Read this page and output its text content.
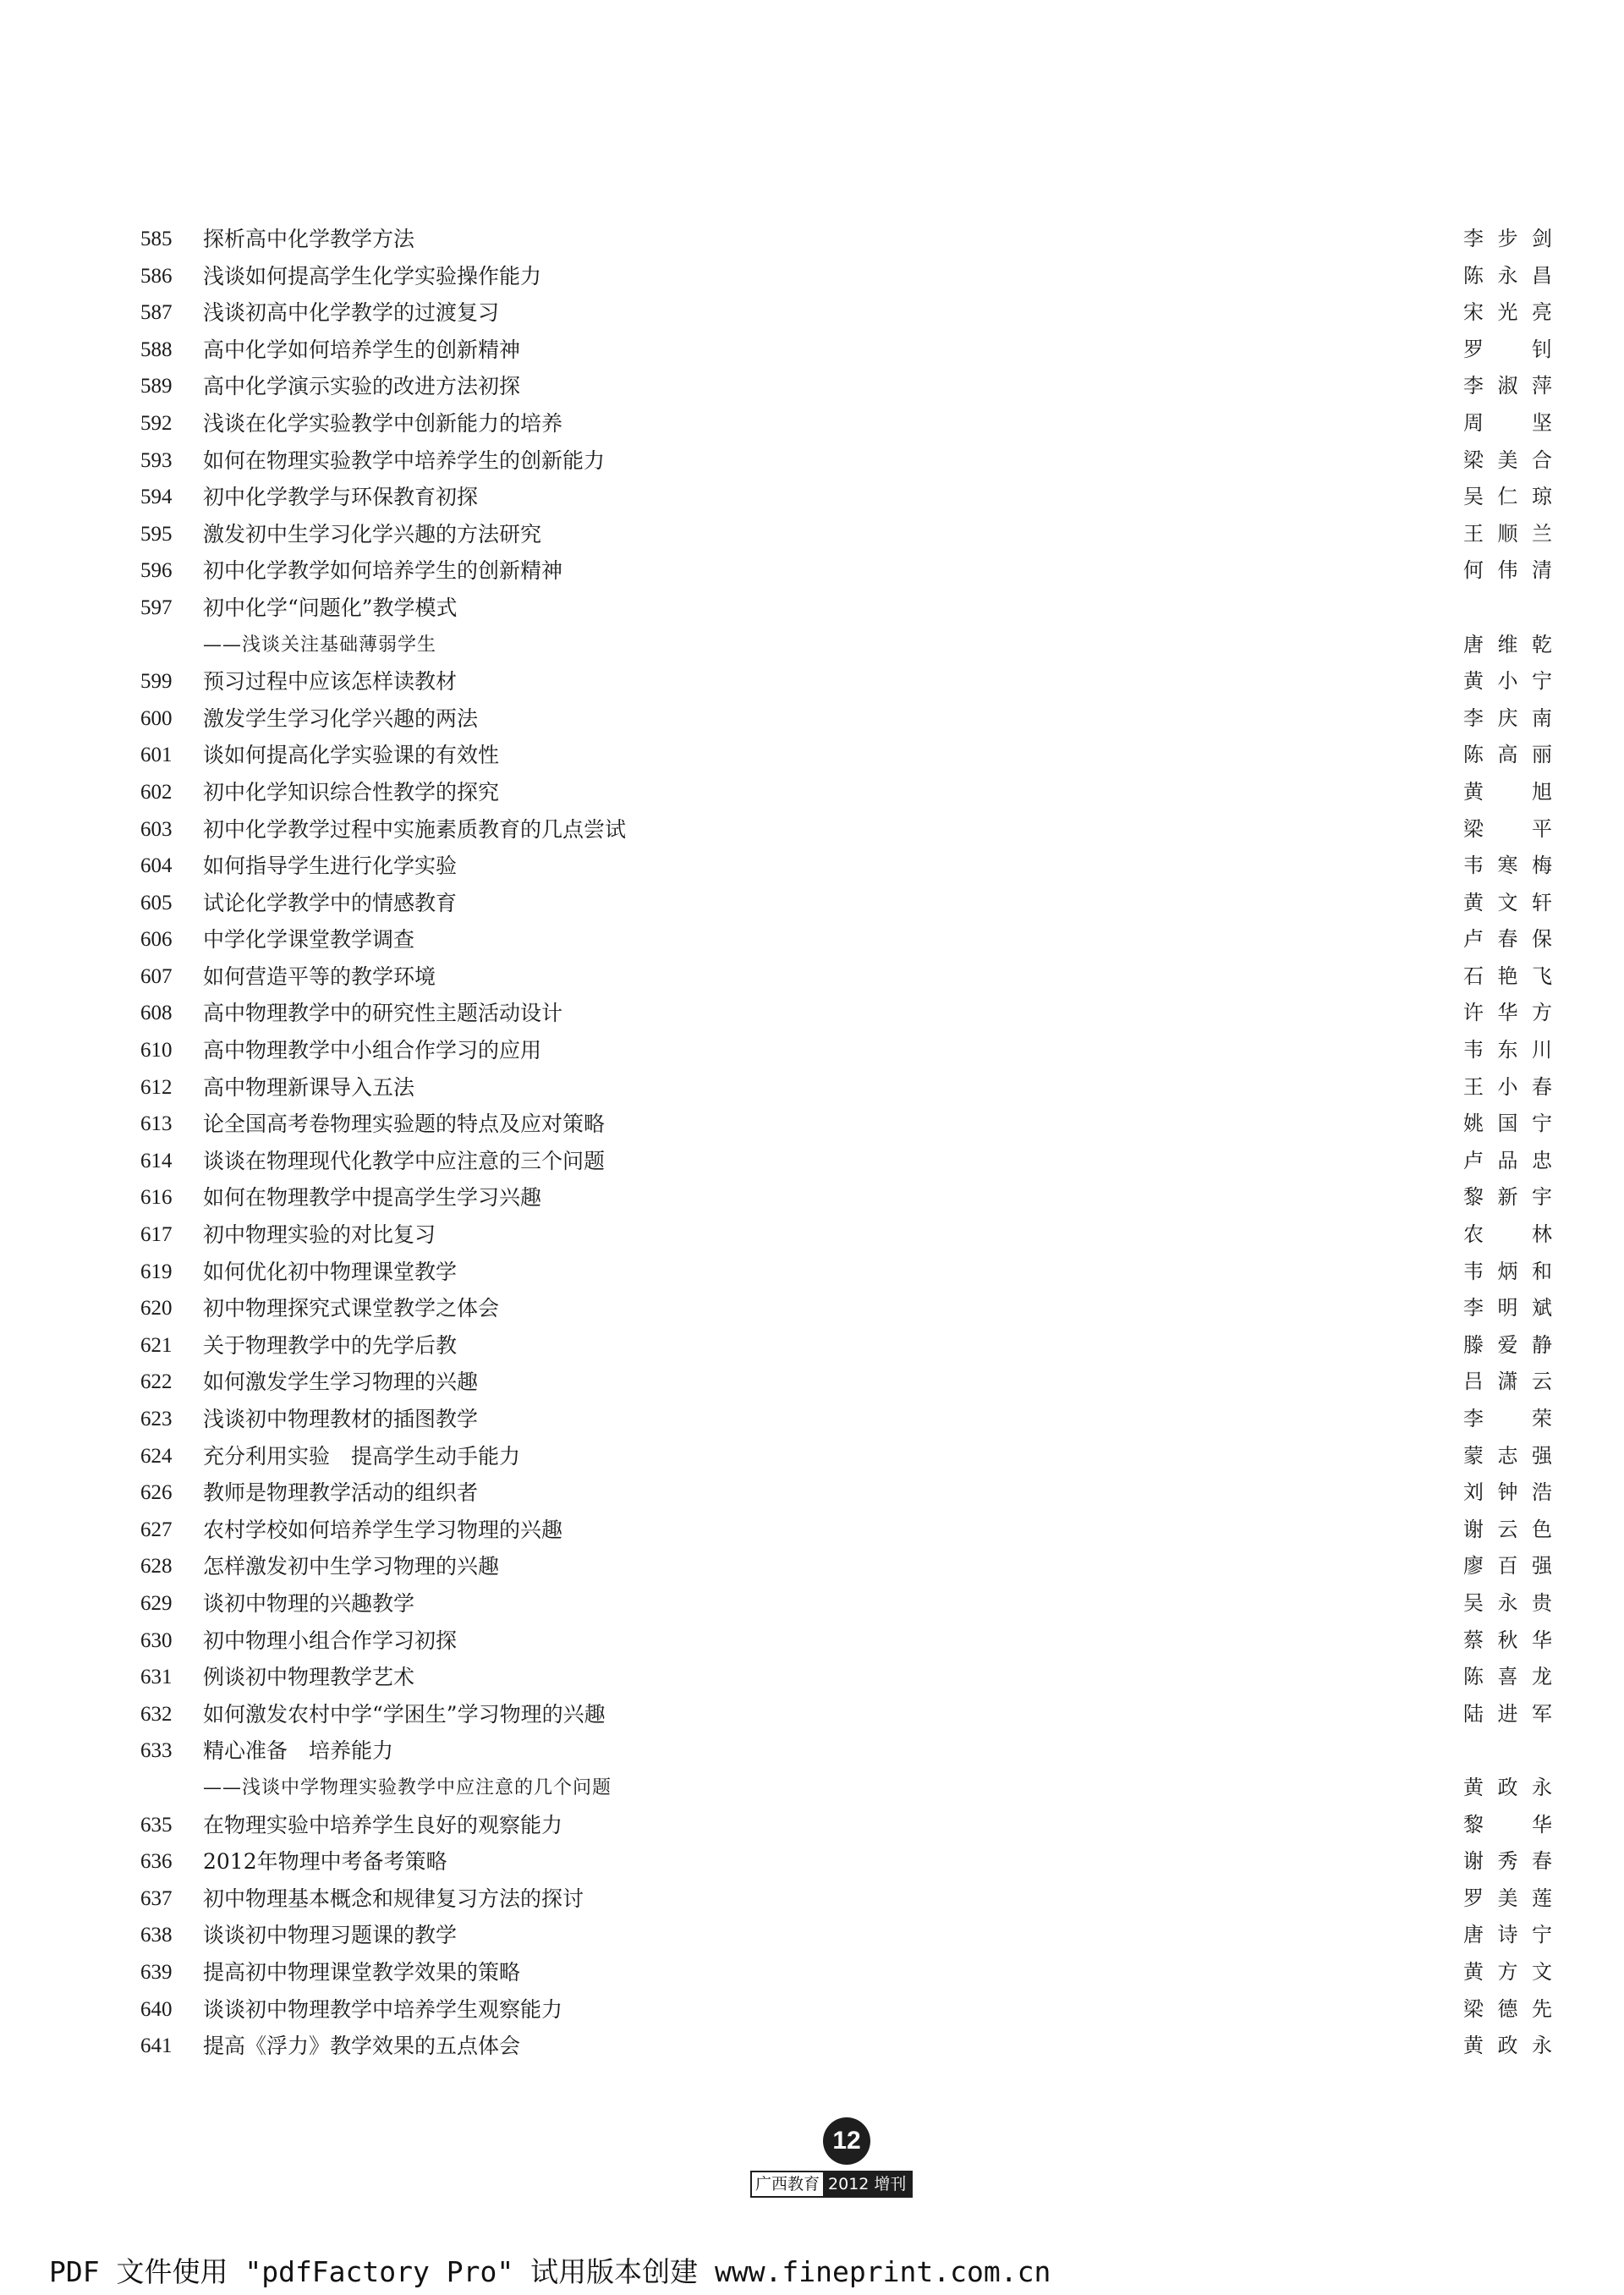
585	探析高中化学教学方法	李步剑
586	浅谈如何提高学生化学实验操作能力	陈永昌
587	浅谈初高中化学教学的过渡复习	宋光亮
588	高中化学如何培养学生的创新精神	罗　钊
589	高中化学演示实验的改进方法初探	李淑萍
592	浅谈在化学实验教学中创新能力的培养	周　坚
593	如何在物理实验教学中培养学生的创新能力	梁美合
594	初中化学教学与环保教育初探	吴仁琼
595	激发初中生学习化学兴趣的方法研究	王顺兰
596	初中化学教学如何培养学生的创新精神	何伟清
597	初中化学“问题化”教学模式
——浅谈关注基础薄弱学生	唐维乾
599	预习过程中应该怎样读教材	黄小宁
600	激发学生学习化学兴趣的两法	李庆南
601	谈如何提高化学实验课的有效性	陈高丽
602	初中化学知识综合性教学的探究	黄　旭
603	初中化学教学过程中实施素质教育的几点尝试	梁　平
604	如何指导学生进行化学实验	韦寒梅
605	试论化学教学中的情感教育	黄文轩
606	中学化学课堂教学调查	卢春保
607	如何营造平等的教学环境	石艳飞
608	高中物理教学中的研究性主题活动设计	许华方
610	高中物理教学中小组合作学习的应用	韦东川
612	高中物理新课导入五法	王小春
613	论全国高考卷物理实验题的特点及应对策略	姚国宁
614	谈谈在物理现代化教学中应注意的三个问题	卢品忠
616	如何在物理教学中提高学生学习兴趣	黎新宇
617	初中物理实验的对比复习	农　林
619	如何优化初中物理课堂教学	韦炳和
620	初中物理探究式课堂教学之体会	李明斌
621	关于物理教学中的先学后教	滕爱静
622	如何激发学生学习物理的兴趣	吕潇云
623	浅谈初中物理教材的插图教学	李　荣
624	充分利用实验　提高学生动手能力	蒙志强
626	教师是物理教学活动的组织者	刘钟浩
627	农村学校如何培养学生学习物理的兴趣	谢云色
628	怎样激发初中生学习物理的兴趣	廖百强
629	谈初中物理的兴趣教学	吴永贵
630	初中物理小组合作学习初探	蔡秋华
631	例谈初中物理教学艺术	陈喜龙
632	如何激发农村中学“学困生”学习物理的兴趣	陆进军
633	精心准备　培养能力
——浅谈中学物理实验教学中应注意的几个问题	黄政永
635	在物理实验中培养学生良好的观察能力	黎　华
636	2012年物理中考备考策略	谢秀春
637	初中物理基本概念和规律复习方法的探讨	罗美莲
638	谈谈初中物理习题课的教学	唐诗宁
639	提高初中物理课堂教学效果的策略	黄方文
640	谈谈初中物理教学中培养学生观察能力	梁德先
641	提高《浮力》教学效果的五点体会	黄政永
12
广西教育 2012 增刊
PDF 文件使用 "pdfFactory Pro" 试用版本创建 www.fineprint.com.cn
